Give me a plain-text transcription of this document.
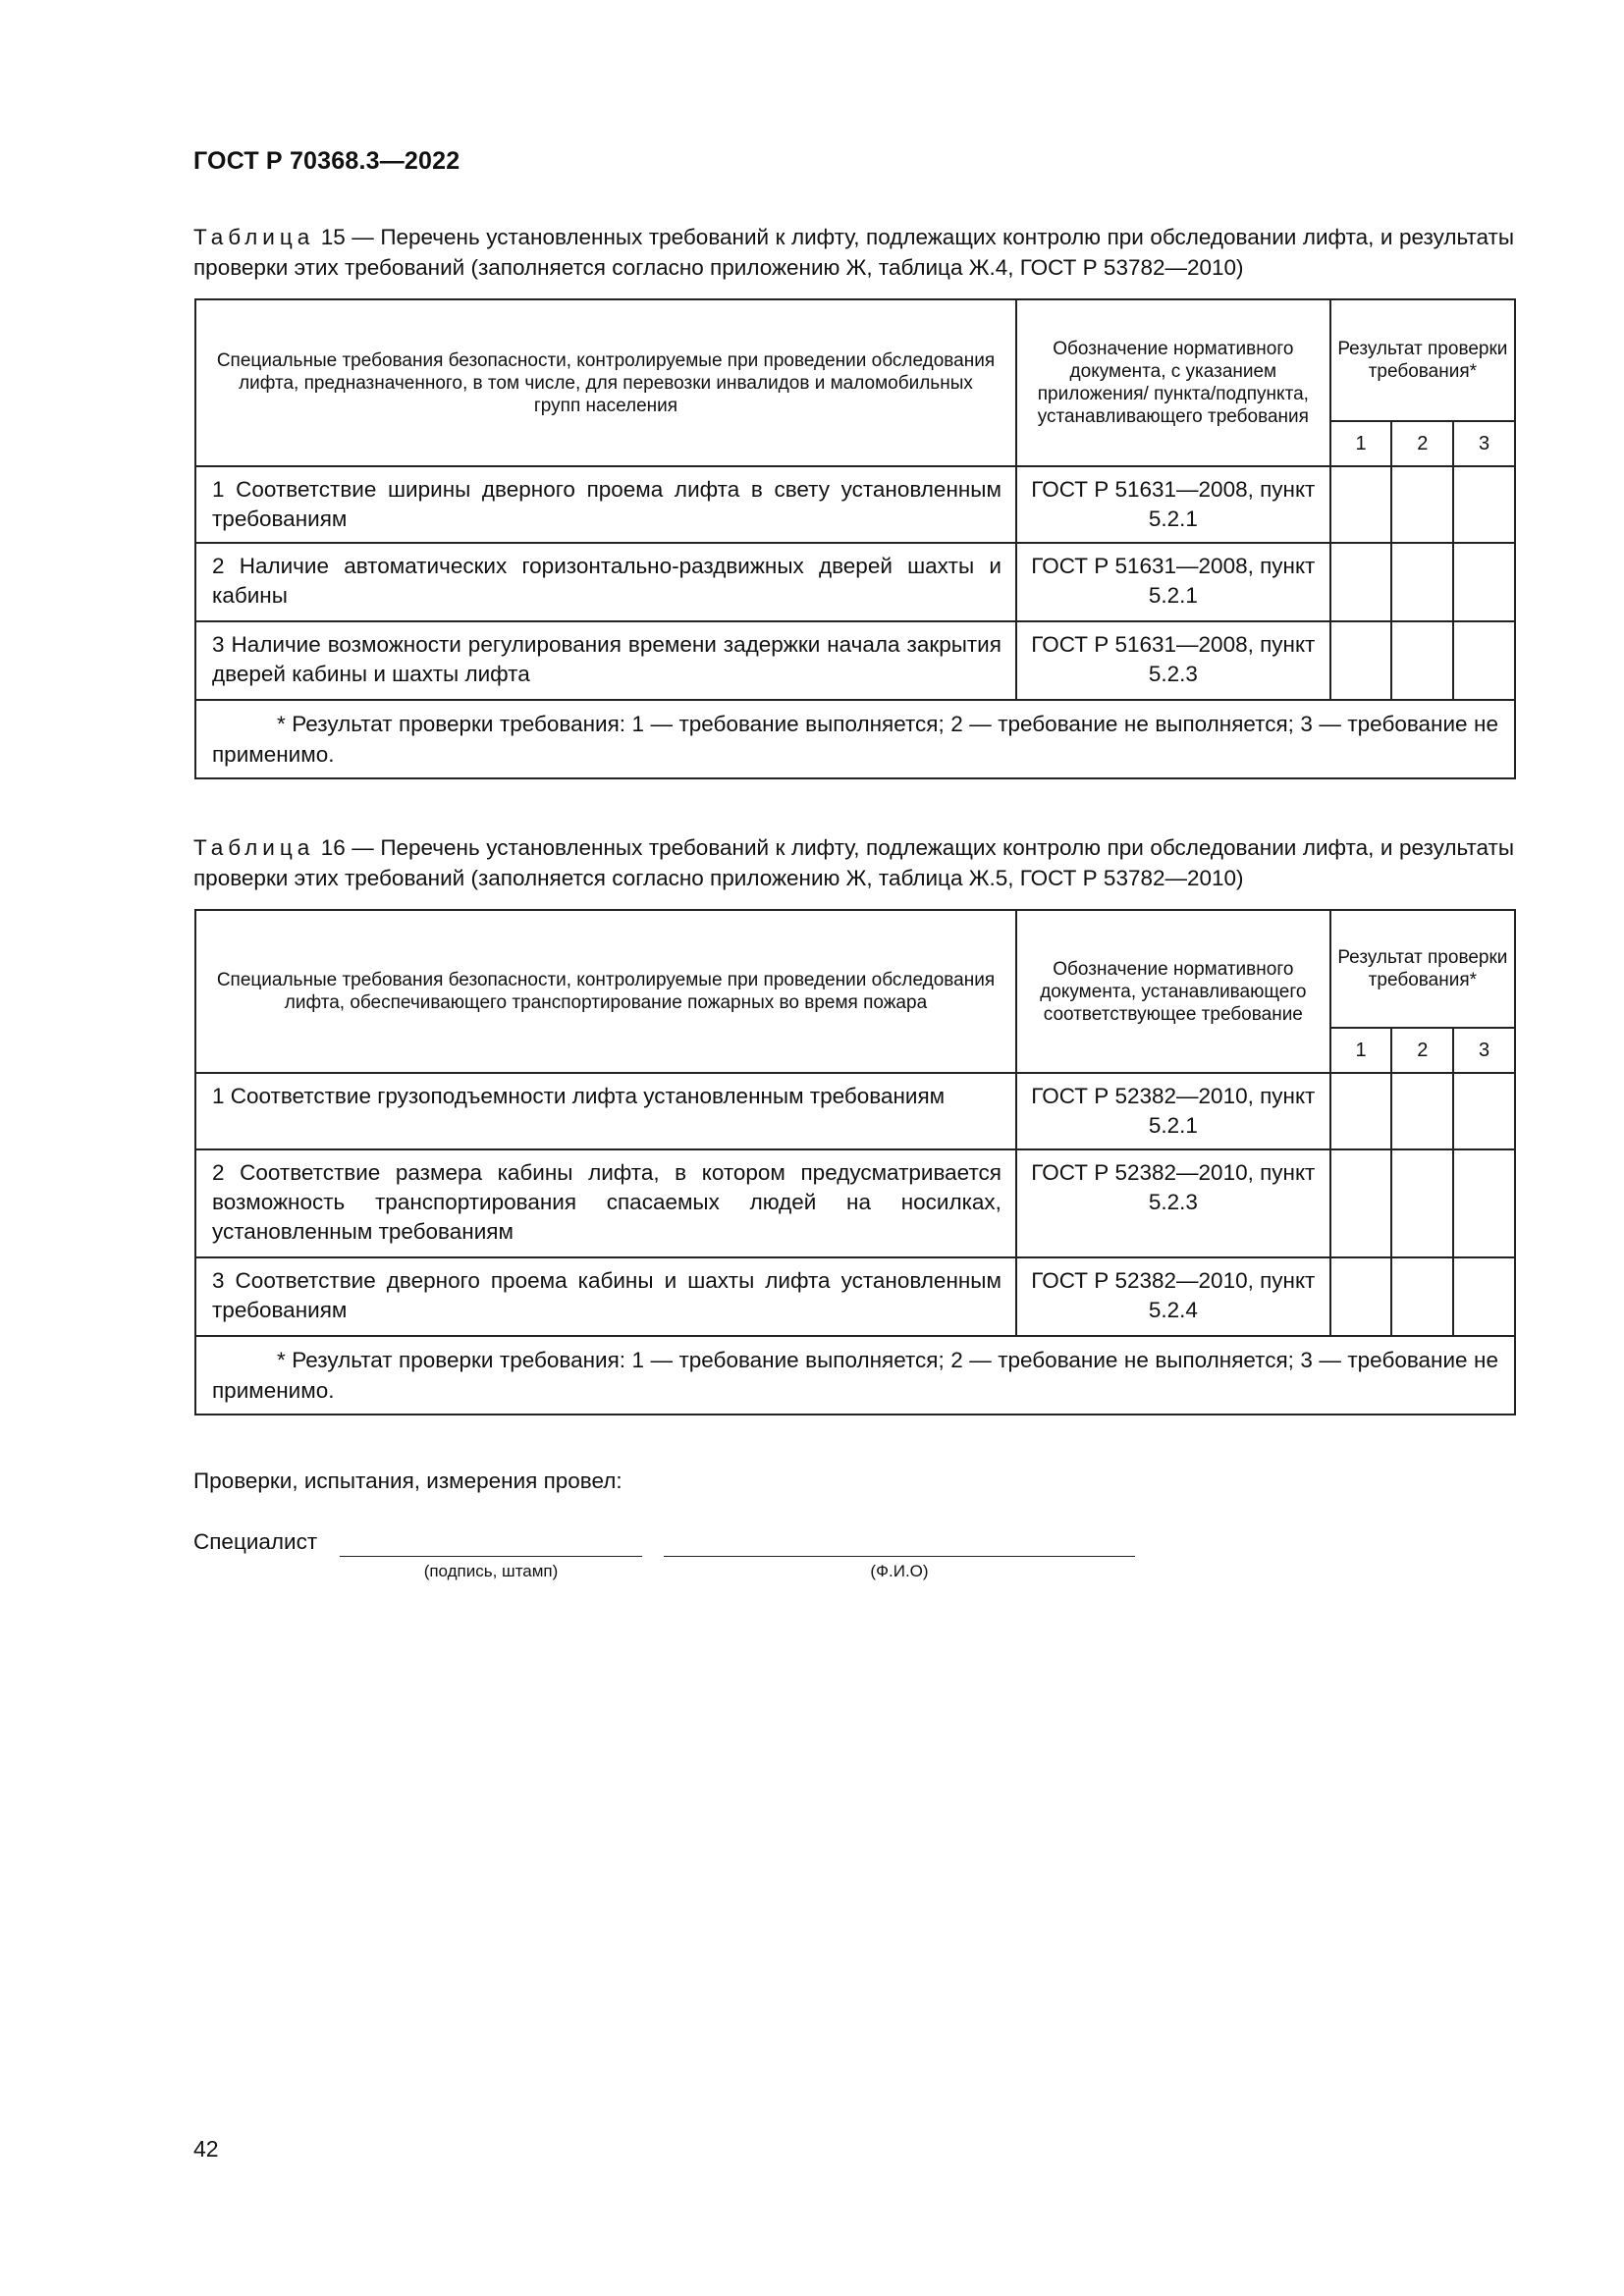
ГОСТ Р 70368.3—2022
Таблица 15 — Перечень установленных требований к лифту, подлежащих контролю при обследовании лифта, и результаты проверки этих требований (заполняется согласно приложению Ж, таблица Ж.4, ГОСТ Р 53782—2010)
Специальные требования безопасности, контролируемые при проведении обследования лифта, предназначенного, в том числе, для перевозки инвалидов и маломобильных групп населения	Обозначение нормативного документа, с указанием приложения/ пункта/подпункта, устанавливающего требования	Результат проверки требования*		
		1	2	3
1 Соответствие ширины дверного проема лифта в свету установленным требованиям	ГОСТ Р 51631—2008, пункт 5.2.1			
2 Наличие автоматических горизонтально-раздвижных дверей шахты и кабины	ГОСТ Р 51631—2008, пункт 5.2.1			
3 Наличие возможности регулирования времени задержки начала закрытия дверей кабины и шахты лифта	ГОСТ Р 51631—2008, пункт 5.2.3			
* Результат проверки требования: 1 — требование выполняется; 2 — требование не выполняется; 3 — требование не применимо.				
Таблица 16 — Перечень установленных требований к лифту, подлежащих контролю при обследовании лифта, и результаты проверки этих требований (заполняется согласно приложению Ж, таблица Ж.5, ГОСТ Р 53782—2010)
Специальные требования безопасности, контролируемые при проведении обследования лифта, обеспечивающего транспортирование пожарных во время пожара	Обозначение нормативного документа, устанавливающего соответствующее требование	Результат проверки требования*		
		1	2	3
1 Соответствие грузоподъемности лифта установленным требованиям	ГОСТ Р 52382—2010, пункт 5.2.1			
2 Соответствие размера кабины лифта, в котором предусматривается возможность транспортирования спасаемых людей на носилках, установленным требованиям	ГОСТ Р 52382—2010, пункт 5.2.3			
3 Соответствие дверного проема кабины и шахты лифта установленным требованиям	ГОСТ Р 52382—2010, пункт 5.2.4			
* Результат проверки требования: 1 — требование выполняется; 2 — требование не выполняется; 3 — требование не применимо.				
Проверки, испытания, измерения провел:
Специалист
(подпись, штамп)	(Ф.И.О)
42
